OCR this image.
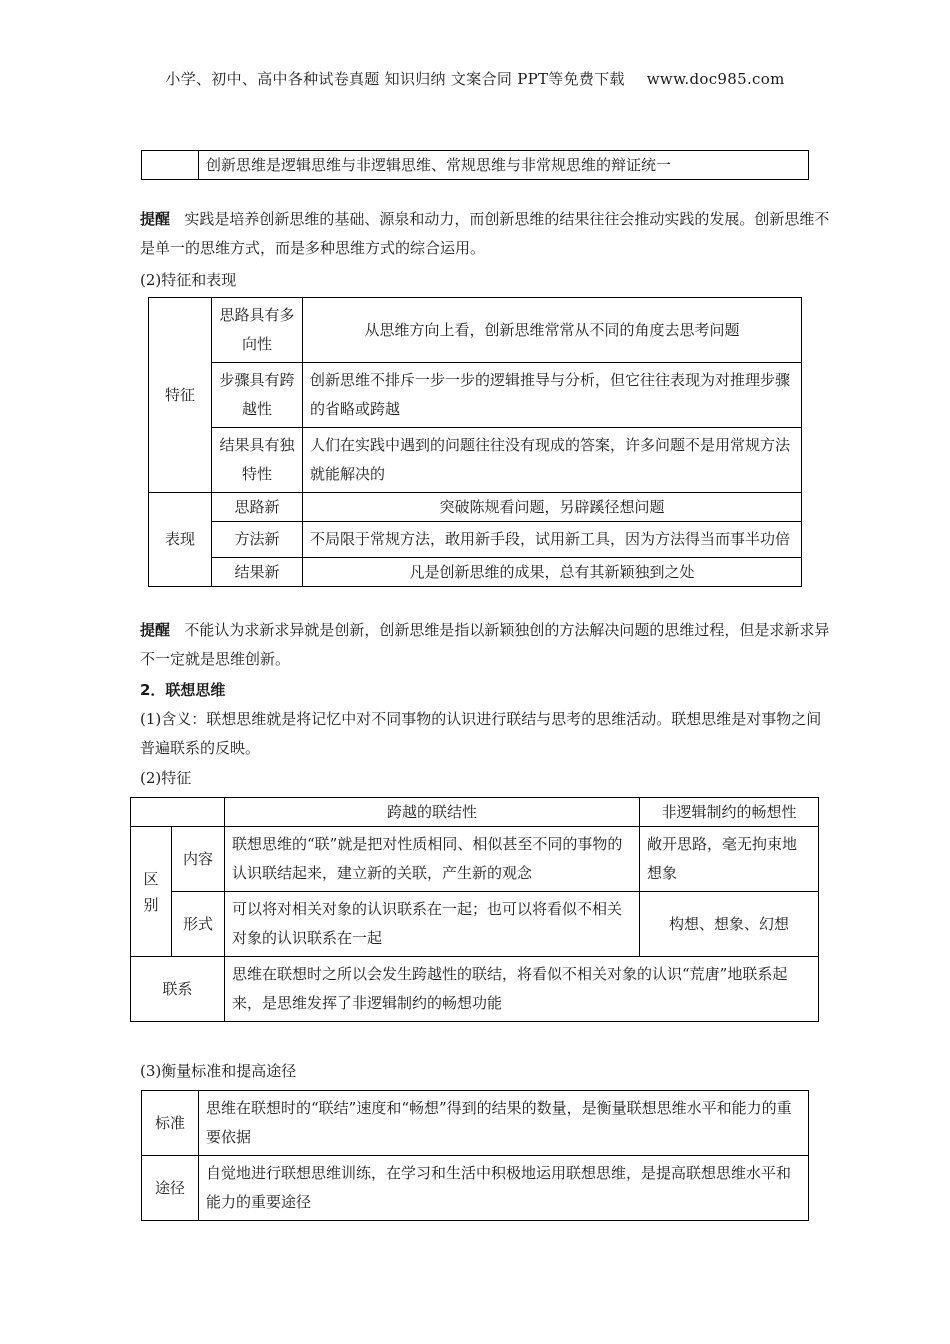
小学、初中、高中各种试卷真题 知识归纳 文案合同 PPT等免费下载 www.doc985.com
	创新思维是逻辑思维与非逻辑思维、常规思维与非常规思维的辩证统一
提醒 实践是培养创新思维的基础、源泉和动力，而创新思维的结果往往会推动实践的发展。创新思维不是单一的思维方式，而是多种思维方式的综合运用。
(2)特征和表现
特征	思路具有多向性	从思维方向上看，创新思维常常从不同的角度去思考问题
	步骤具有跨越性	创新思维不排斥一步一步的逻辑推导与分析，但它往往表现为对推理步骤的省略或跨越
	结果具有独特性	人们在实践中遇到的问题往往没有现成的答案，许多问题不是用常规方法就能解决的
表现	思路新	突破陈规看问题，另辟蹊径想问题
	方法新	不局限于常规方法，敢用新手段，试用新工具，因为方法得当而事半功倍
	结果新	凡是创新思维的成果，总有其新颖独到之处
提醒 不能认为求新求异就是创新，创新思维是指以新颖独创的方法解决问题的思维过程，但是求新求异不一定就是思维创新。
2．联想思维
(1)含义：联想思维就是将记忆中对不同事物的认识进行联结与思考的思维活动。联想思维是对事物之间普遍联系的反映。
(2)特征
		跨越的联结性	非逻辑制约的畅想性
区别	内容	联想思维的“联”就是把对性质相同、相似甚至不同的事物的认识联结起来，建立新的关联，产生新的观念	敞开思路，毫无拘束地想象
	形式	可以将对相关对象的认识联系在一起；也可以将看似不相关对象的认识联系在一起	构想、想象、幻想
联系		思维在联想时之所以会发生跨越性的联结，将看似不相关对象的认识“荒唐”地联系起来，是思维发挥了非逻辑制约的畅想功能	
(3)衡量标准和提高途径
标准	思维在联想时的“联结”速度和“畅想”得到的结果的数量，是衡量联想思维水平和能力的重要依据
途径	自觉地进行联想思维训练，在学习和生活中积极地运用联想思维，是提高联想思维水平和能力的重要途径
